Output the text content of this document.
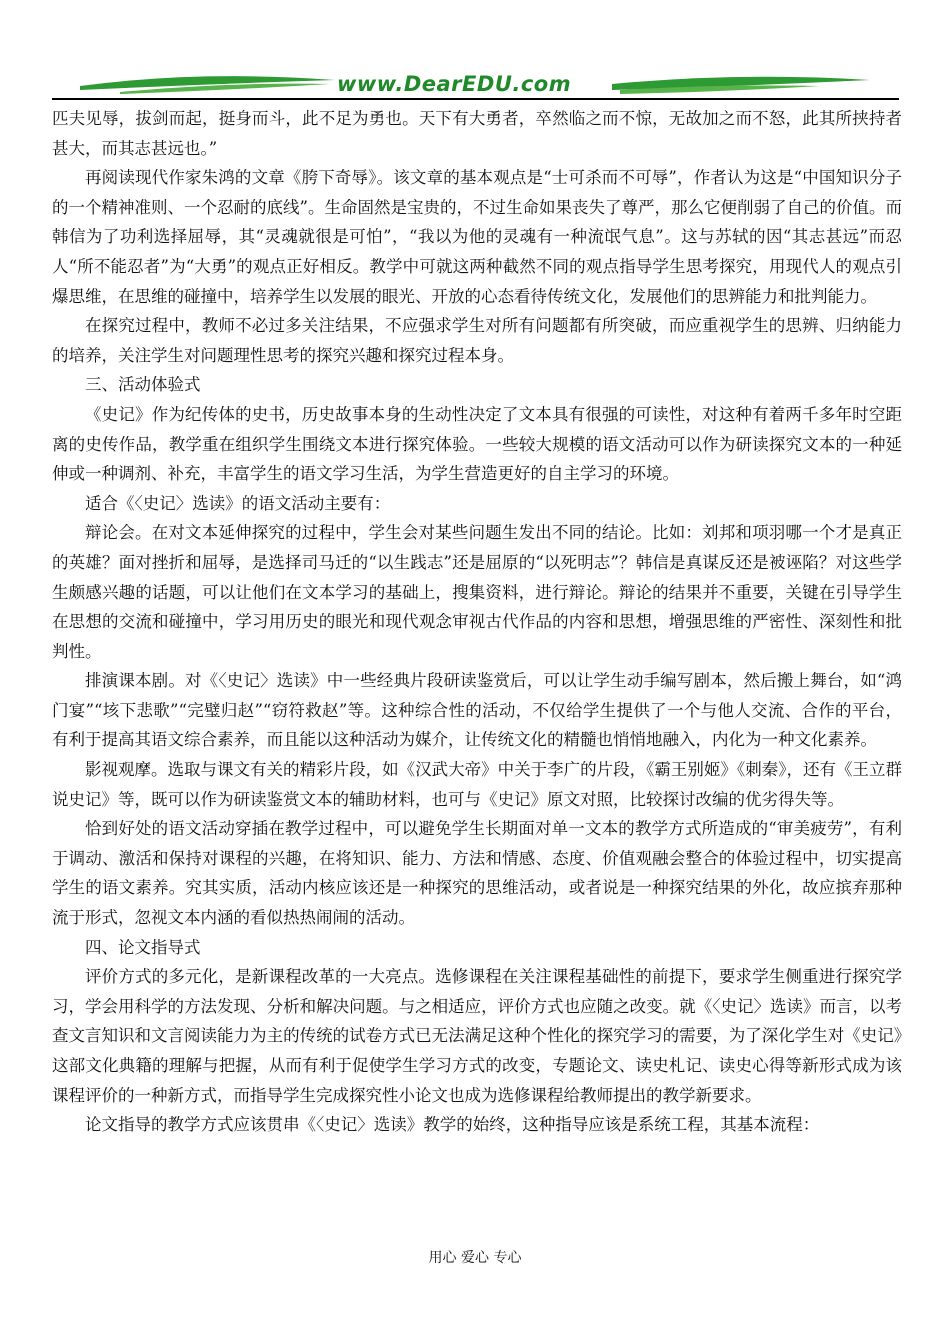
www.DearEDU.com

匹夫见辱，拔剑而起，挺身而斗，此不足为勇也。天下有大勇者，卒然临之而不惊，无故加之而不怒，此其所挟持者甚大，而其志甚远也。”

再阅读现代作家朱鸿的文章《胯下奇辱》。该文章的基本观点是“士可杀而不可辱”，作者认为这是“中国知识分子的一个精神准则、一个忍耐的底线”。生命固然是宝贵的，不过生命如果丧失了尊严，那么它便削弱了自己的价值。而韩信为了功利选择屈辱，其“灵魂就很是可怕”，“我以为他的灵魂有一种流氓气息”。这与苏轼的因“其志甚远”而忍人“所不能忍者”为“大勇”的观点正好相反。教学中可就这两种截然不同的观点指导学生思考探究，用现代人的观点引爆思维，在思维的碰撞中，培养学生以发展的眼光、开放的心态看待传统文化，发展他们的思辨能力和批判能力。

在探究过程中，教师不必过多关注结果，不应强求学生对所有问题都有所突破，而应重视学生的思辨、归纳能力的培养，关注学生对问题理性思考的探究兴趣和探究过程本身。

三、活动体验式

《史记》作为纪传体的史书，历史故事本身的生动性决定了文本具有很强的可读性，对这种有着两千多年时空距离的史传作品，教学重在组织学生围绕文本进行探究体验。一些较大规模的语文活动可以作为研读探究文本的一种延伸或一种调剂、补充，丰富学生的语文学习生活，为学生营造更好的自主学习的环境。

适合《〈史记〉选读》的语文活动主要有：

辩论会。在对文本延伸探究的过程中，学生会对某些问题生发出不同的结论。比如：刘邦和项羽哪一个才是真正的英雄？面对挫折和屈辱，是选择司马迁的“以生践志”还是屈原的“以死明志”？韩信是真谋反还是被诬陷？对这些学生颇感兴趣的话题，可以让他们在文本学习的基础上，搜集资料，进行辩论。辩论的结果并不重要，关键在引导学生在思想的交流和碰撞中，学习用历史的眼光和现代观念审视古代作品的内容和思想，增强思维的严密性、深刻性和批判性。

排演课本剧。对《〈史记〉选读》中一些经典片段研读鉴赏后，可以让学生动手编写剧本，然后搬上舞台，如“鸿门宴”“垓下悲歌”“完璧归赵”“窃符救赵”等。这种综合性的活动，不仅给学生提供了一个与他人交流、合作的平台，有利于提高其语文综合素养，而且能以这种活动为媒介，让传统文化的精髓也悄悄地融入，内化为一种文化素养。

影视观摩。选取与课文有关的精彩片段，如《汉武大帝》中关于李广的片段，《霸王别姬》《刺秦》，还有《王立群说史记》等，既可以作为研读鉴赏文本的辅助材料，也可与《史记》原文对照，比较探讨改编的优劣得失等。

恰到好处的语文活动穿插在教学过程中，可以避免学生长期面对单一文本的教学方式所造成的“审美疲劳”，有利于调动、激活和保持对课程的兴趣，在将知识、能力、方法和情感、态度、价值观融会整合的体验过程中，切实提高学生的语文素养。究其实质，活动内核应该还是一种探究的思维活动，或者说是一种探究结果的外化，故应摈弃那种流于形式，忽视文本内涵的看似热热闹闹的活动。

四、论文指导式

评价方式的多元化，是新课程改革的一大亮点。选修课程在关注课程基础性的前提下，要求学生侧重进行探究学习，学会用科学的方法发现、分析和解决问题。与之相适应，评价方式也应随之改变。就《〈史记〉选读》而言，以考查文言知识和文言阅读能力为主的传统的试卷方式已无法满足这种个性化的探究学习的需要，为了深化学生对《史记》这部文化典籍的理解与把握，从而有利于促使学生学习方式的改变，专题论文、读史札记、读史心得等新形式成为该课程评价的一种新方式，而指导学生完成探究性小论文也成为选修课程给教师提出的教学新要求。

论文指导的教学方式应该贯串《〈史记〉选读》教学的始终，这种指导应该是系统工程，其基本流程：

用心 爱心 专心
